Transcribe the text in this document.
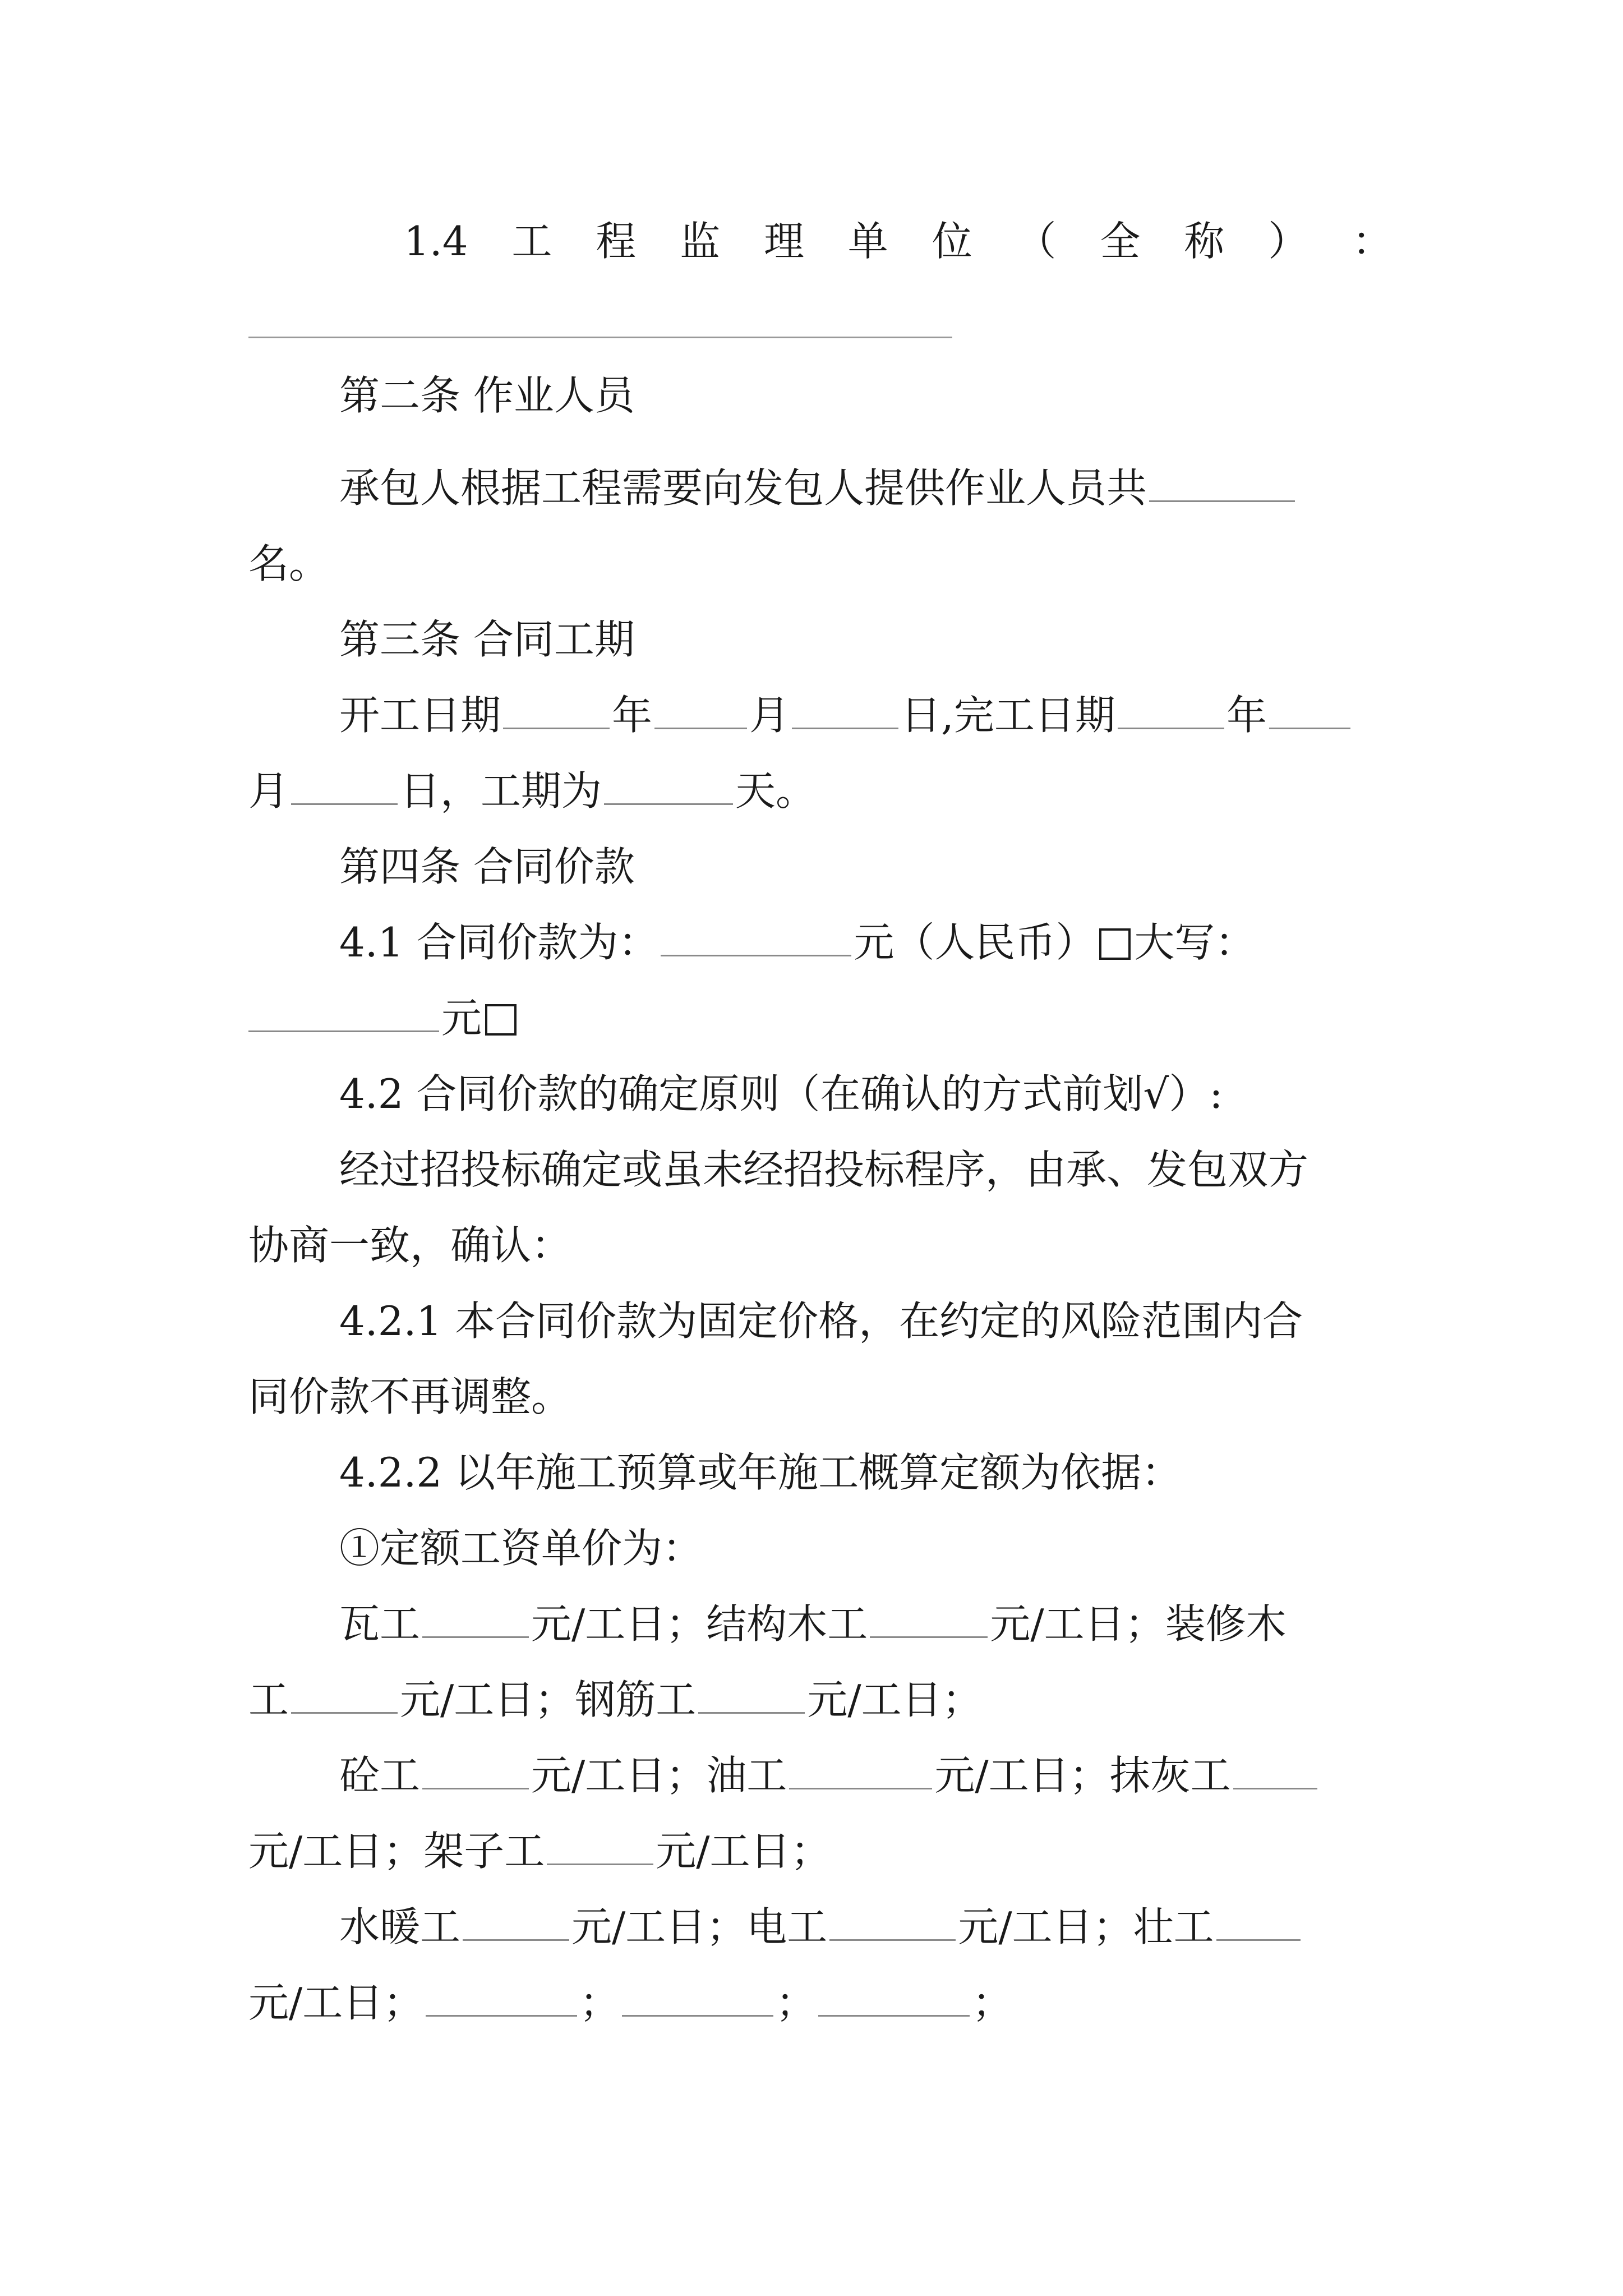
1.4 工 程 监 理 单 位 （ 全 称 ） ：
第二条 作业人员
承包人根据工程需要向发包人提供作业人员共
名。
第三条 合同工期
开工日期	年 月	日,完工日期	年
月	日，工期为	天。
第四条 合同价款
4.1 合同价款为：	元（人民币） 大写：
元
4.2 合同价款的确定原则（在确认的方式前划√）:
经过招投标确定或虽未经招投标程序，由承、发包双方
协商一致，确认：
4.2.1 本合同价款为固定价格，在约定的风险范围内合
同价款不再调整。
4.2.2 以年施工预算或年施工概算定额为依据：
①定额工资单价为：
瓦工	元/工日；结构木工	元/工日；装修木
工	元/工日；钢筋工	元/工日；
砼工	元/工日；油工	元/工日；抹灰工
元/工日；架子工	元/工日；
水暖工	元/工日；电工	元/工日；壮工
元/工日；	；	；	；
